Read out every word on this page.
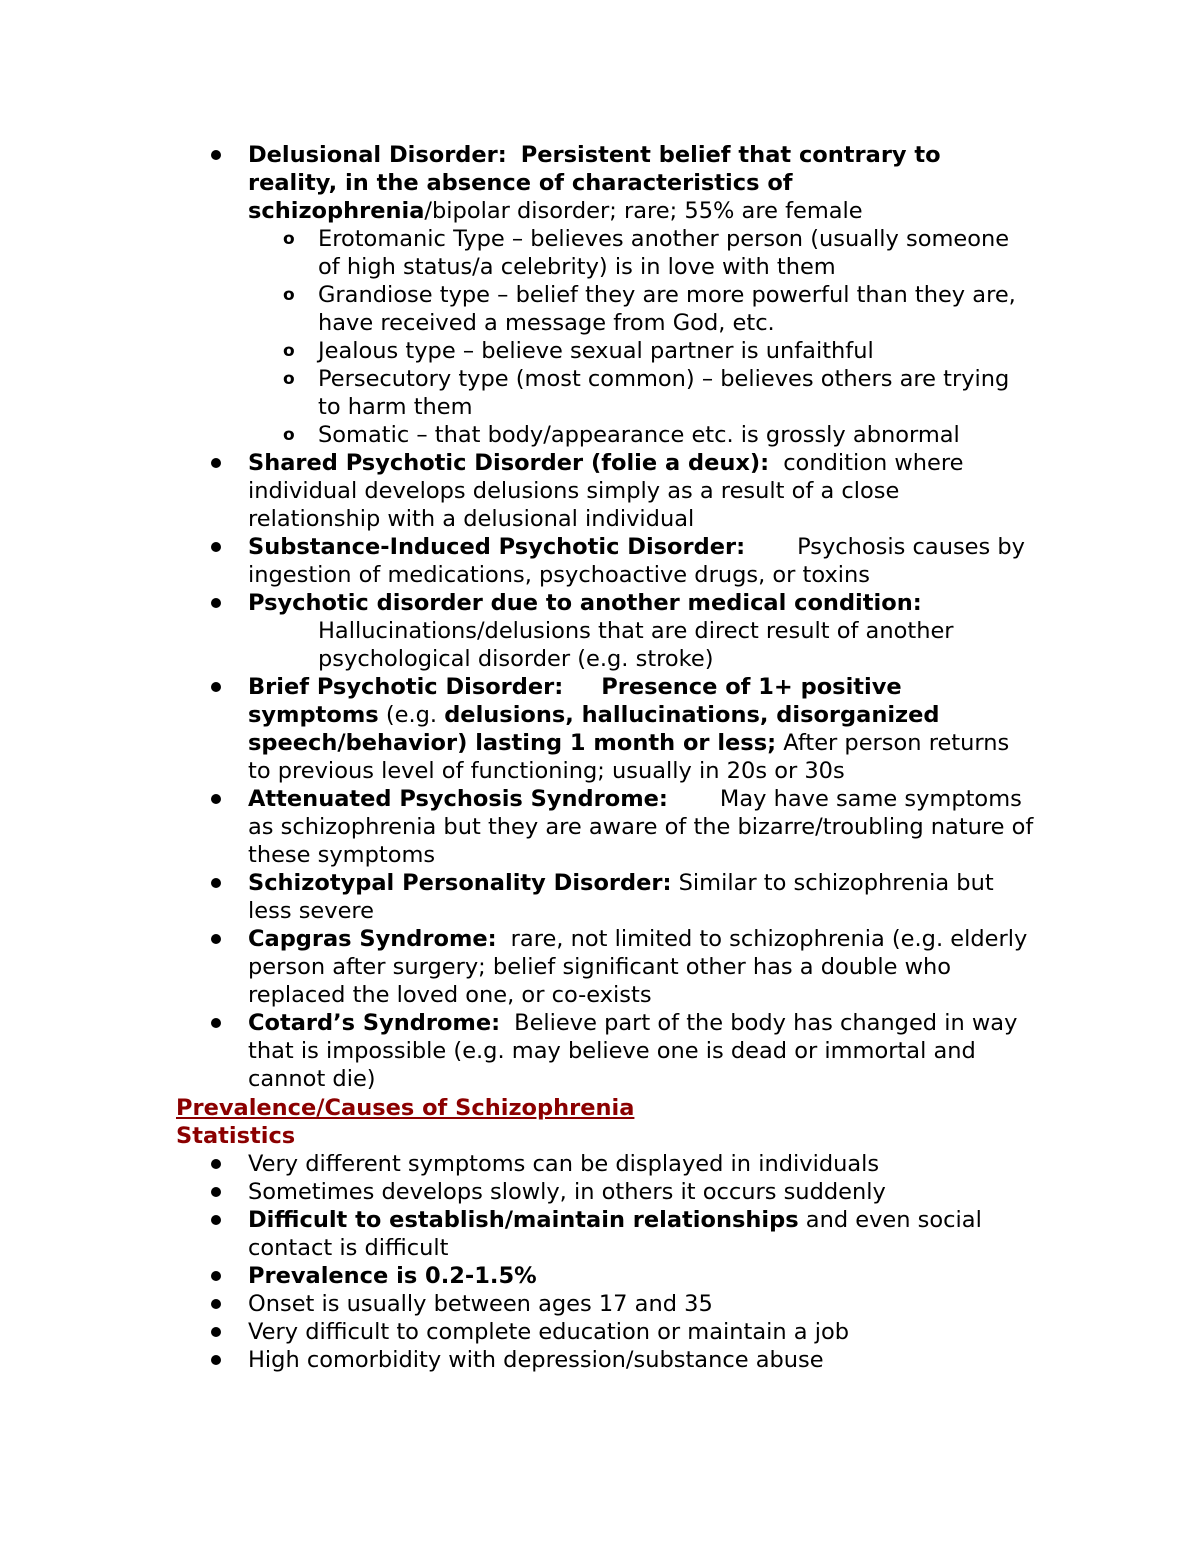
Delusional Disorder: Persistent belief that contrary to reality, in the absence of characteristics of schizophrenia/bipolar disorder; rare; 55% are female
o Erotomanic Type – believes another person (usually someone of high status/a celebrity) is in love with them
o Grandiose type – belief they are more powerful than they are, have received a message from God, etc.
o Jealous type – believe sexual partner is unfaithful
o Persecutory type (most common) – believes others are trying to harm them
o Somatic – that body/appearance etc. is grossly abnormal
Shared Psychotic Disorder (folie a deux): condition where individual develops delusions simply as a result of a close relationship with a delusional individual
Substance-Induced Psychotic Disorder: Psychosis causes by ingestion of medications, psychoactive drugs, or toxins
Psychotic disorder due to another medical condition:
Hallucinations/delusions that are direct result of another psychological disorder (e.g. stroke)
Brief Psychotic Disorder: Presence of 1+ positive symptoms (e.g. delusions, hallucinations, disorganized speech/behavior) lasting 1 month or less; After person returns to previous level of functioning; usually in 20s or 30s
Attenuated Psychosis Syndrome: May have same symptoms as schizophrenia but they are aware of the bizarre/troubling nature of these symptoms
Schizotypal Personality Disorder: Similar to schizophrenia but less severe
Capgras Syndrome: rare, not limited to schizophrenia (e.g. elderly person after surgery; belief significant other has a double who replaced the loved one, or co-exists
Cotard’s Syndrome: Believe part of the body has changed in way that is impossible (e.g. may believe one is dead or immortal and cannot die)
Prevalence/Causes of Schizophrenia
Statistics
Very different symptoms can be displayed in individuals
Sometimes develops slowly, in others it occurs suddenly
Difficult to establish/maintain relationships and even social contact is difficult
Prevalence is 0.2-1.5%
Onset is usually between ages 17 and 35
Very difficult to complete education or maintain a job
High comorbidity with depression/substance abuse
